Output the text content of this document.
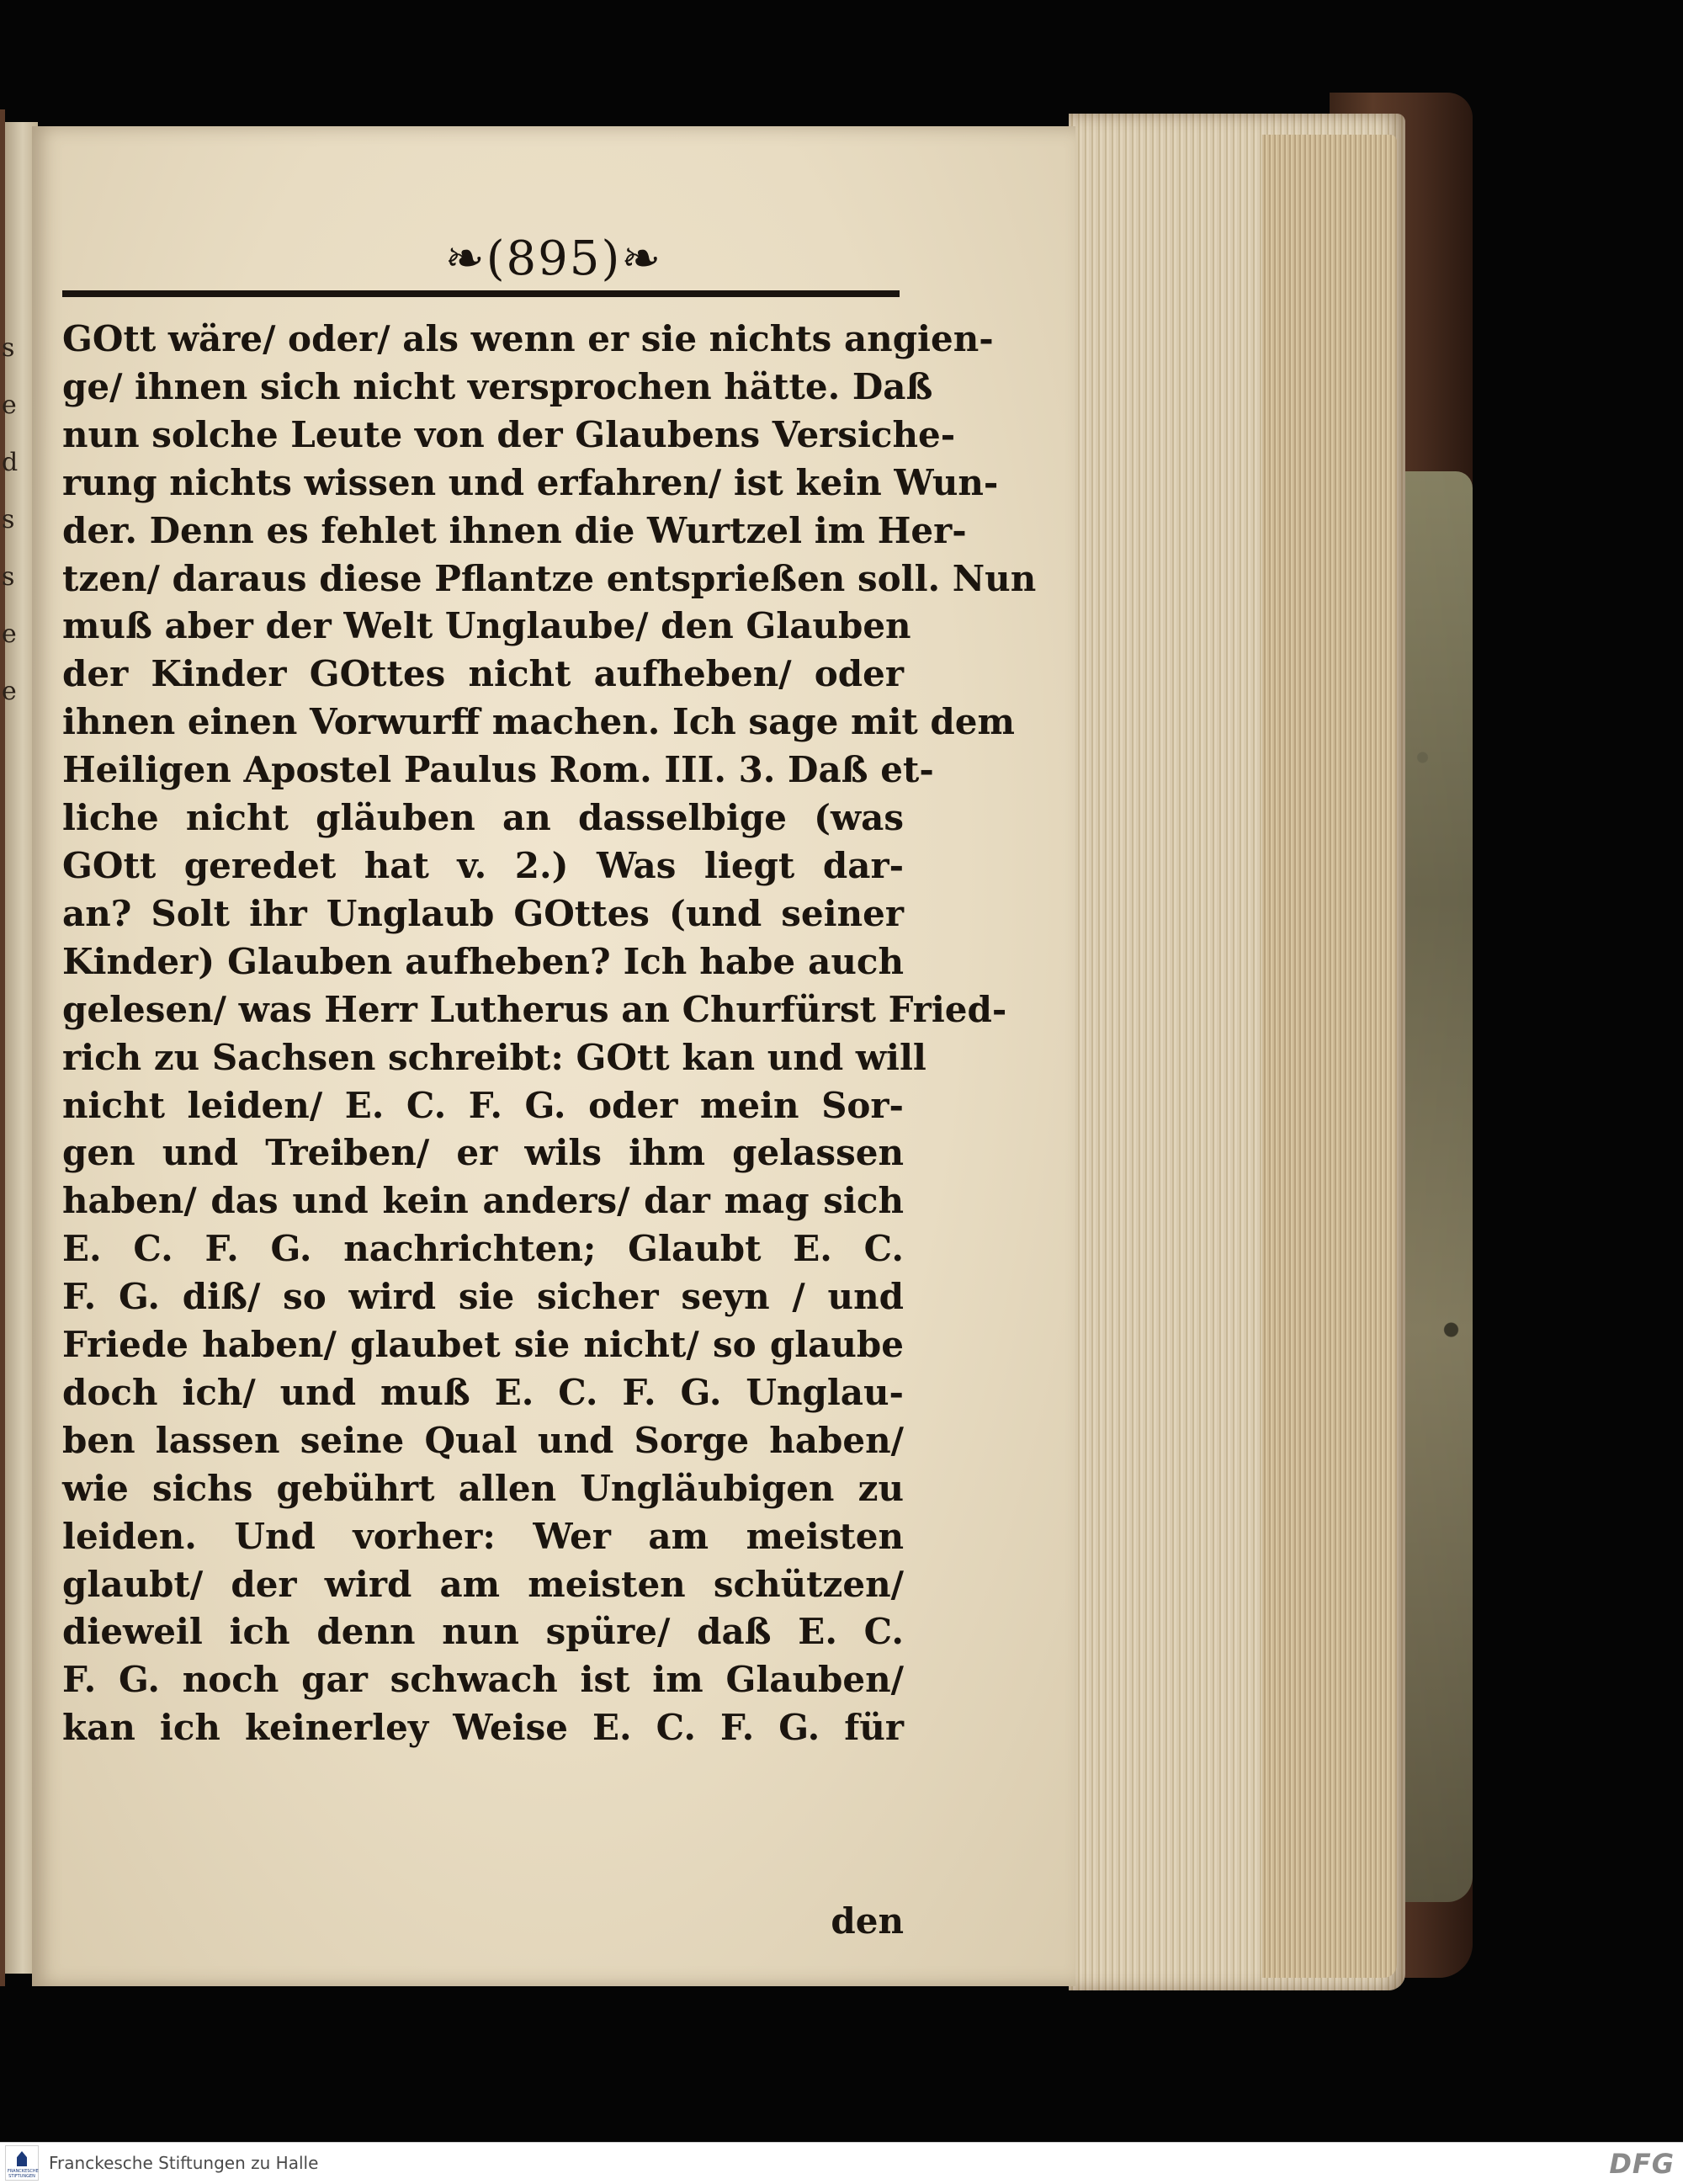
s
e
d
s
s
e
e
❧(895)❧
GOtt wäre/ oder/ als wenn er sie nichts angien-
ge/ ihnen sich nicht versprochen hätte. Daß
nun solche Leute von der Glaubens Versiche-
rung nichts wissen und erfahren/ ist kein Wun-
der. Denn es fehlet ihnen die Wurtzel im Her-
tzen/ daraus diese Pflantze entsprießen soll. Nun
muß aber der Welt Unglaube/ den Glauben
der Kinder GOttes nicht aufheben/ oder
ihnen einen Vorwurff machen. Ich sage mit dem
Heiligen Apostel Paulus Rom. III. 3. Daß et-
liche nicht gläuben an dasselbige (was
GOtt geredet hat v. 2.) Was liegt dar-
an? Solt ihr Unglaub GOttes (und seiner
Kinder) Glauben aufheben? Ich habe auch
gelesen/ was Herr Lutherus an Churfürst Fried-
rich zu Sachsen schreibt: GOtt kan und will
nicht leiden/ E. C. F. G. oder mein Sor-
gen und Treiben/ er wils ihm gelassen
haben/ das und kein anders/ dar mag sich
E. C. F. G. nachrichten; Glaubt E. C.
F. G. diß/ so wird sie sicher seyn / und
Friede haben/ glaubet sie nicht/ so glaube
doch ich/ und muß E. C. F. G. Unglau-
ben lassen seine Qual und Sorge haben/
wie sichs gebührt allen Ungläubigen zu
leiden. Und vorher: Wer am meisten
glaubt/ der wird am meisten schützen/
dieweil ich denn nun spüre/ daß E. C.
F. G. noch gar schwach ist im Glauben/
kan ich keinerley Weise E. C. F. G. für
den
FRANCKESCHE STIFTUNGEN
Franckesche Stiftungen zu Halle	DFG
